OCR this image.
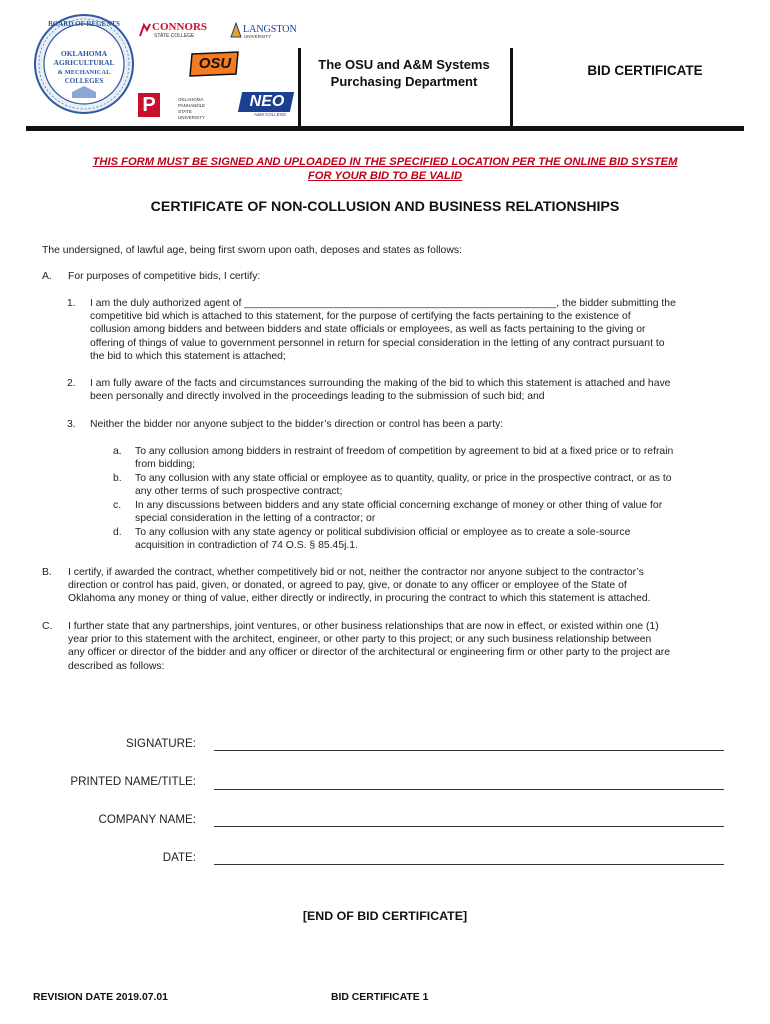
BOARD OF REGENTS
OKLAHOMA
AGRICULTURAL
& MECHANICAL
COLLEGES
CONNORS
STATE COLLEGE
LANGSTON
UNIVERSITY
OSU
P	OKLAHOMA PANHANDLE STATE UNIVERSITY
NEO
A&M COLLEGE
The OSU and A&M Systems
Purchasing Department
BID CERTIFICATE
THIS FORM MUST BE SIGNED AND UPLOADED IN THE SPECIFIED LOCATION PER THE ONLINE BID SYSTEM
FOR YOUR BID TO BE VALID
CERTIFICATE OF NON-COLLUSION AND BUSINESS RELATIONSHIPS
The undersigned, of lawful age, being first sworn upon oath, deposes and states as follows:
A. For purposes of competitive bids, I certify:
1. I am the duly authorized agent of ______________________________________________________, the bidder submitting the
competitive bid which is attached to this statement, for the purpose of certifying the facts pertaining to the existence of
collusion among bidders and between bidders and state officials or employees, as well as facts pertaining to the giving or
offering of things of value to government personnel in return for special consideration in the letting of any contract pursuant to
the bid to which this statement is attached;
2. I am fully aware of the facts and circumstances surrounding the making of the bid to which this statement is attached and have
been personally and directly involved in the proceedings leading to the submission of such bid; and
3. Neither the bidder nor anyone subject to the bidder’s direction or control has been a party:
a. To any collusion among bidders in restraint of freedom of competition by agreement to bid at a fixed price or to refrain
from bidding;
b. To any collusion with any state official or employee as to quantity, quality, or price in the prospective contract, or as to
any other terms of such prospective contract;
c. In any discussions between bidders and any state official concerning exchange of money or other thing of value for
special consideration in the letting of a contractor; or
d. To any collusion with any state agency or political subdivision official or employee as to create a sole-source
acquisition in contradiction of 74 O.S. § 85.45j.1.
B. I certify, if awarded the contract, whether competitively bid or not, neither the contractor nor anyone subject to the contractor’s
direction or control has paid, given, or donated, or agreed to pay, give, or donate to any officer or employee of the State of
Oklahoma any money or thing of value, either directly or indirectly, in procuring the contract to which this statement is attached.
C. I further state that any partnerships, joint ventures, or other business relationships that are now in effect, or existed within one (1)
year prior to this statement with the architect, engineer, or other party to this project; or any such business relationship between
any officer or director of the bidder and any officer or director of the architectural or engineering firm or other party to the project are
described as follows:
SIGNATURE:
PRINTED NAME/TITLE:
COMPANY NAME:
DATE:
[END OF BID CERTIFICATE]
REVISION DATE 2019.07.01	BID CERTIFICATE 1
